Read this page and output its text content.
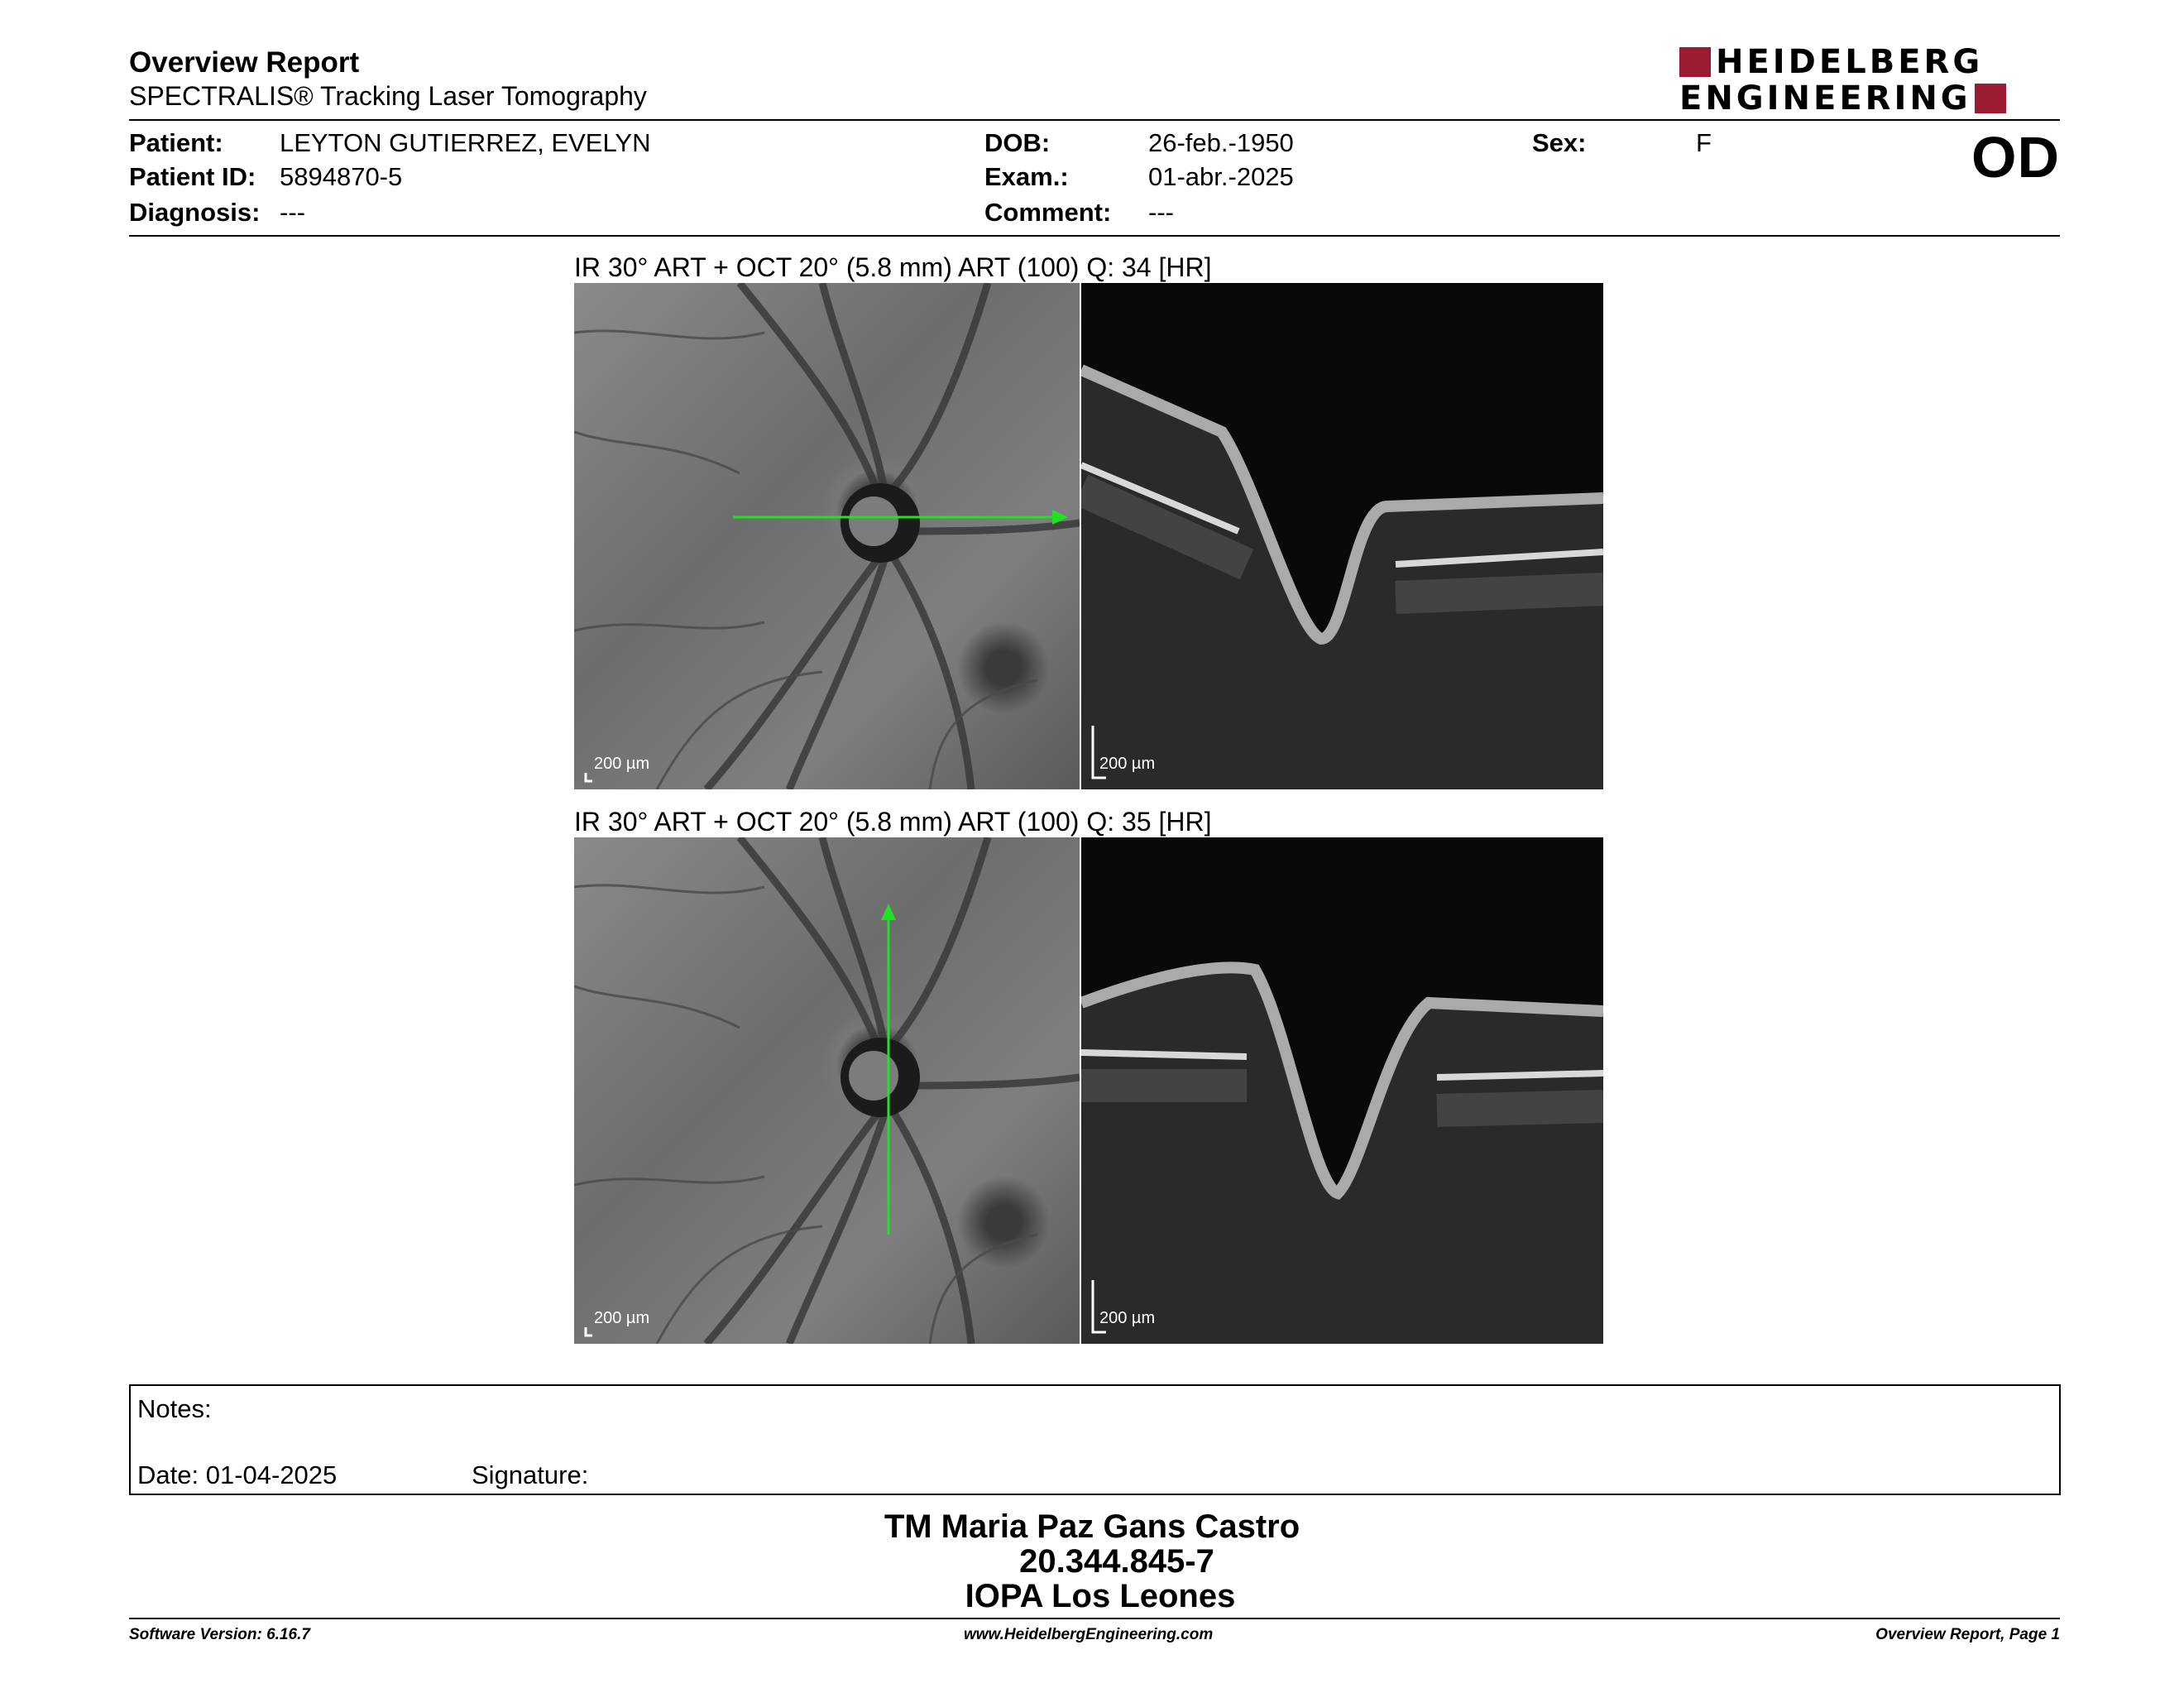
Overview Report
SPECTRALIS® Tracking Laser Tomography
HEIDELBERG
ENGINEERING
Patient: LEYTON GUTIERREZ, EVELYN
Patient ID: 5894870-5
Diagnosis: ---
DOB:	26-feb.-1950
Exam.:	01-abr.-2025
Comment: ---
Sex:	F	OD
IR 30° ART + OCT 20° (5.8 mm) ART (100) Q: 34 [HR]
200 µm	200 µm
IR 30° ART + OCT 20° (5.8 mm) ART (100) Q: 35 [HR]
200 µm	200 µm
Notes:
Date: 01-04-2025	Signature:
TM Maria Paz Gans Castro
20.344.845-7
IOPA Los Leones
Software Version: 6.16.7	www.HeidelbergEngineering.com	Overview Report, Page 1
